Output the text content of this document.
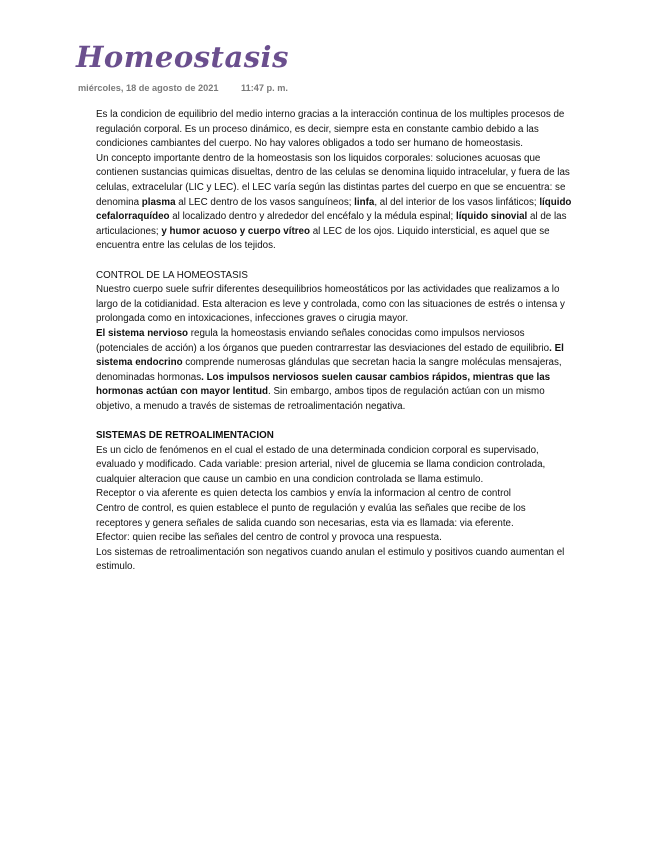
Homeostasis
miércoles, 18 de agosto de 2021 11:47 p. m.

Es la condicion de equilibrio del medio interno gracias a la interacción continua de los multiples procesos de regulación corporal. Es un proceso dinámico, es decir, siempre esta en constante cambio debido a las condiciones cambiantes del cuerpo. No hay valores obligados a todo ser humano de homeostasis.

Un concepto importante dentro de la homeostasis son los liquidos corporales: soluciones acuosas que contienen sustancias quimicas disueltas, dentro de las celulas se denomina liquido intracelular, y fuera de las celulas, extracelular (LIC y LEC). el LEC varía según las distintas partes del cuerpo en que se encuentra: se denomina plasma al LEC dentro de los vasos sanguíneos; linfa, al del interior de los vasos linfáticos; líquido cefalorraquídeo al localizado dentro y alrededor del encéfalo y la médula espinal; líquido sinovial al de las articulaciones; y humor acuoso y cuerpo vítreo al LEC de los ojos. Liquido intersticial, es aquel que se encuentra entre las celulas de los tejidos.

CONTROL DE LA HOMEOSTASIS

Nuestro cuerpo suele sufrir diferentes desequilibrios homeostáticos por las actividades que realizamos a lo largo de la cotidianidad. Esta alteracion es leve y controlada, como con las situaciones de estrés o intensa y prolongada como en intoxicaciones, infecciones graves o cirugia mayor.

El sistema nervioso regula la homeostasis enviando señales conocidas como impulsos nerviosos (potenciales de acción) a los órganos que pueden contrarrestar las desviaciones del estado de equilibrio. El sistema endocrino comprende numerosas glándulas que secretan hacia la sangre moléculas mensajeras, denominadas hormonas. Los impulsos nerviosos suelen causar cambios rápidos, mientras que las hormonas actúan con mayor lentitud. Sin embargo, ambos tipos de regulación actúan con un mismo objetivo, a menudo a través de sistemas de retroalimentación negativa.

SISTEMAS DE RETROALIMENTACION

Es un ciclo de fenómenos en el cual el estado de una determinada condicion corporal es supervisado, evaluado y modificado. Cada variable: presion arterial, nivel de glucemia se llama condicion controlada, cualquier alteracion que cause un cambio en una condicion controlada se llama estimulo.

Receptor o via aferente es quien detecta los cambios y envía la informacion al centro de control

Centro de control, es quien establece el punto de regulación y evalúa las señales que recibe de los receptores y genera señales de salida cuando son necesarias, esta via es llamada: via eferente.

Efector: quien recibe las señales del centro de control y provoca una respuesta.

Los sistemas de retroalimentación son negativos cuando anulan el estimulo y positivos cuando aumentan el estimulo.
